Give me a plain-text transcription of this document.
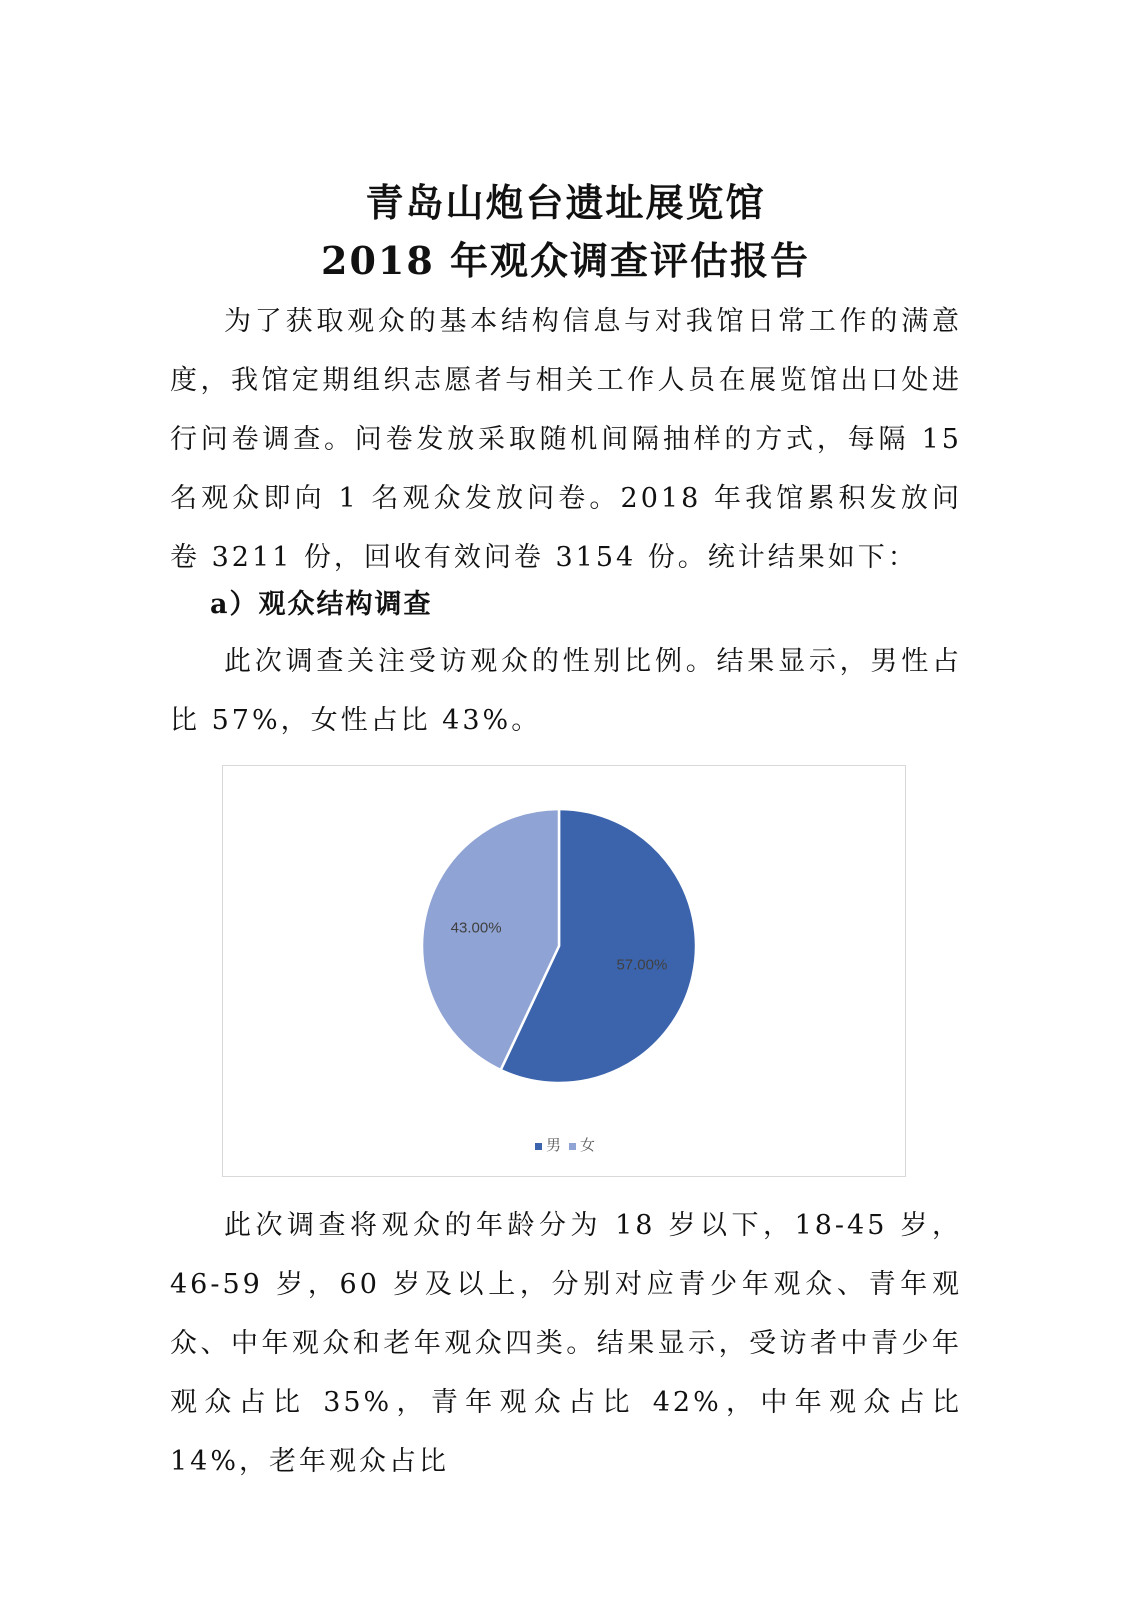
青岛山炮台遗址展览馆
2018 年观众调查评估报告

为了获取观众的基本结构信息与对我馆日常工作的满意度，我馆定期组织志愿者与相关工作人员在展览馆出口处进行问卷调查。问卷发放采取随机间隔抽样的方式，每隔 15 名观众即向 1 名观众发放问卷。2018 年我馆累积发放问卷 3211 份，回收有效问卷 3154 份。统计结果如下：

a）观众结构调查

此次调查关注受访观众的性别比例。结果显示，男性占比 57%，女性占比 43%。

57.00%
43.00%
男 女

此次调查将观众的年龄分为 18 岁以下，18-45 岁，46-59 岁，60 岁及以上，分别对应青少年观众、青年观众、中年观众和老年观众四类。结果显示，受访者中青少年观众占比 35%，青年观众占比 42%，中年观众占比 14%，老年观众占比
